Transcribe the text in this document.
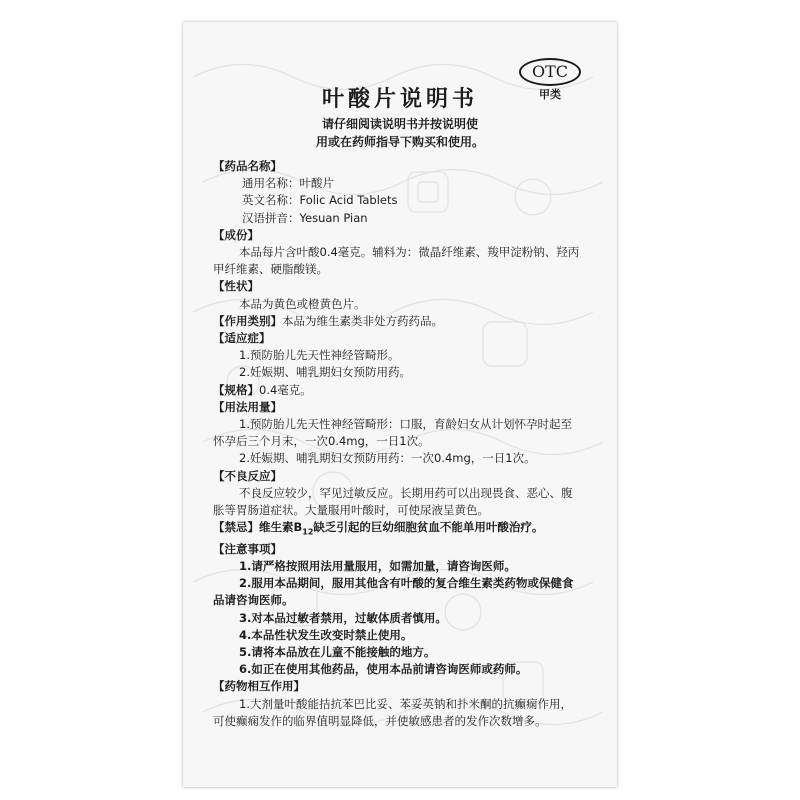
OTC
甲类
叶酸片说明书
请仔细阅读说明书并按说明使
用或在药师指导下购买和使用。
【药品名称】
通用名称：叶酸片
英文名称：Folic Acid Tablets
汉语拼音：Yesuan Pian
【成份】
本品每片含叶酸0.4毫克。辅料为：微晶纤维素、羧甲淀粉钠、羟丙
甲纤维素、硬脂酸镁。
【性状】
本品为黄色或橙黄色片。
【作用类别】本品为维生素类非处方药药品。
【适应症】
1.预防胎儿先天性神经管畸形。
2.妊娠期、哺乳期妇女预防用药。
【规格】0.4毫克。
【用法用量】
1.预防胎儿先天性神经管畸形：口服，育龄妇女从计划怀孕时起至
怀孕后三个月末，一次0.4mg，一日1次。
2.妊娠期、哺乳期妇女预防用药：一次0.4mg，一日1次。
【不良反应】
不良反应较少，罕见过敏反应。长期用药可以出现畏食、恶心、腹
胀等胃肠道症状。大量服用叶酸时，可使尿液呈黄色。
【禁忌】维生素$B_{12}$缺乏引起的巨幼细胞贫血不能单用叶酸治疗。
【注意事项】
1.请严格按照用法用量服用，如需加量，请咨询医师。
2.服用本品期间，服用其他含有叶酸的复合维生素类药物或保健食
品请咨询医师。
3.对本品过敏者禁用，过敏体质者慎用。
4.本品性状发生改变时禁止使用。
5.请将本品放在儿童不能接触的地方。
6.如正在使用其他药品，使用本品前请咨询医师或药师。
【药物相互作用】
1.大剂量叶酸能拮抗苯巴比妥、苯妥英钠和扑米酮的抗癫痫作用，
可使癫痫发作的临界值明显降低，并使敏感患者的发作次数增多。
